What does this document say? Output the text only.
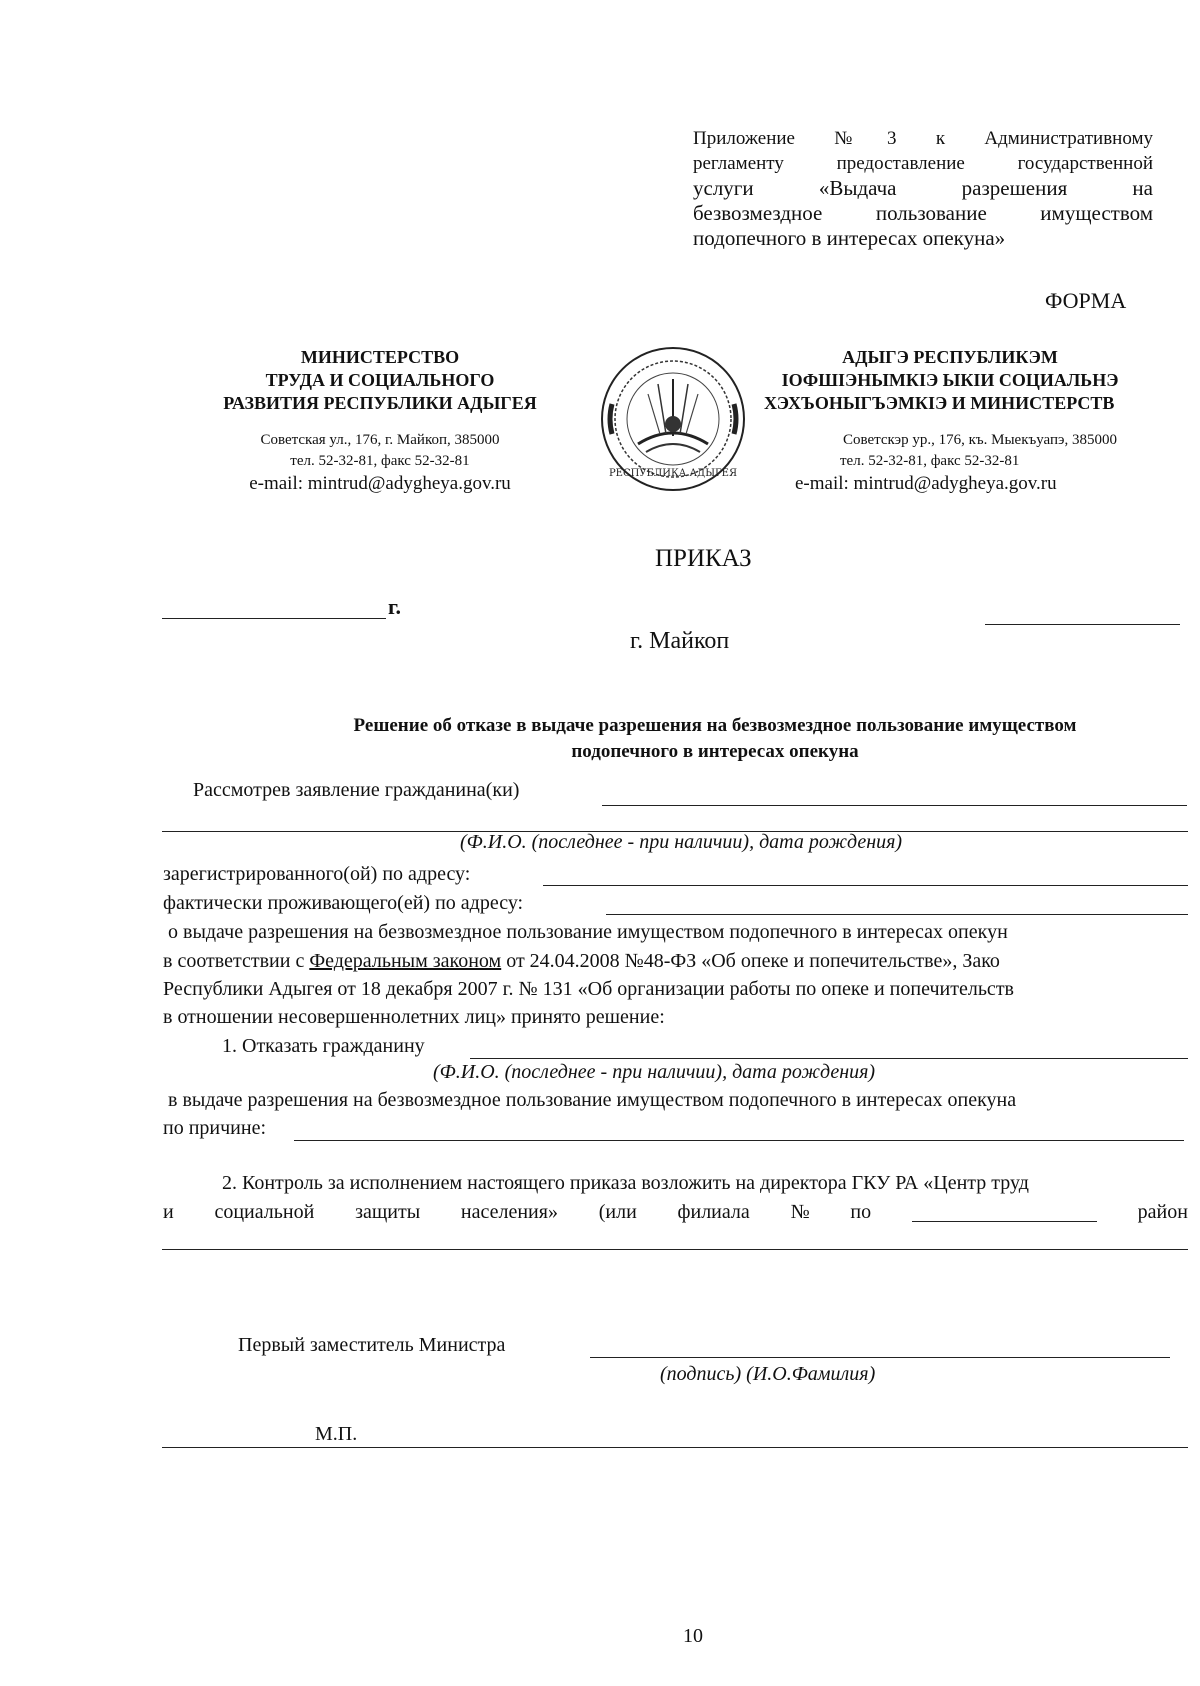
Приложение №3 к Административному
регламенту предоставление государственной
услуги «Выдача разрешения на
безвозмездное пользование имуществом
подопечного в интересах опекуна»
ФОРМА
МИНИСТЕРСТВО
ТРУДА И СОЦИАЛЬНОГО
РАЗВИТИЯ РЕСПУБЛИКИ АДЫГЕЯ
Советская ул., 176, г. Майкоп, 385000
тел. 52-32-81, факс 52-32-81
e-mail: mintrud@adygheya.gov.ru	РЕСПУБЛИКА АДЫГЕЯ
АДЫГЭ РЕСПУБЛИКЭМ
IОФШIЭНЫМКIЭ ЫКIИ СОЦИАЛЬНЭ
ХЭХЪОНЫГЪЭМКIЭ И МИНИСТЕРСТВ
Советскэр ур., 176, къ. Мыекъуапэ, 385000
тел. 52-32-81, факс 52-32-81
e-mail: mintrud@adygheya.gov.ru
ПРИКАЗ
г.
г. Майкоп
Решение об отказе в выдаче разрешения на безвозмездное пользование имуществом
подопечного в интересах опекуна
Рассмотрев заявление гражданина(ки)
(Ф.И.О. (последнее - при наличии), дата рождения)
зарегистрированного(ой) по адресу:
фактически проживающего(ей) по адресу:
о выдаче разрешения на безвозмездное пользование имуществом подопечного в интересах опекун
в соответствии с Федеральным законом от 24.04.2008 №48-ФЗ «Об опеке и попечительстве», Зако
Республики Адыгея от 18 декабря 2007 г. № 131 «Об организации работы по опеке и попечительств
в отношении несовершеннолетних лиц» принято решение:
1. Отказать гражданину
(Ф.И.О. (последнее - при наличии), дата рождения)
в выдаче разрешения на безвозмездное пользование имуществом подопечного в интересах опекуна
по причине:
2. Контроль за исполнением настоящего приказа возложить на директора ГКУ РА «Центр труд
и социальной защиты населения» (или филиала № по	район
Первый заместитель Министра
(подпись) (И.О.Фамилия)
М.П.
10
